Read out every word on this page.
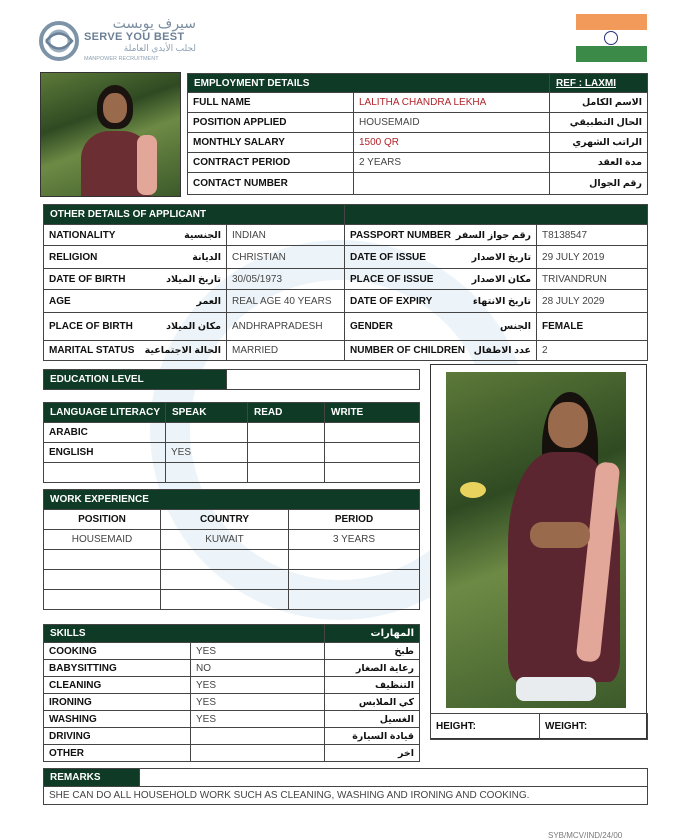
سيرف يوبست
SERVE YOU BEST
لجلب الأيدي العاملة
MANPOWER RECRUITMENT
EMPLOYMENT DETAILS		REF : LAXMI
FULL NAME	LALITHA CHANDRA LEKHA	الاسم الكامل
POSITION APPLIED	HOUSEMAID	الحال التطبيقي
MONTHLY SALARY	1500 QR	الراتب الشهري
CONTRACT PERIOD	2 YEARS	مدة العقد
CONTACT NUMBER		رقم الجوال
OTHER DETAILS OF APPLICANT			

NATIONALITY الجنسية	INDIAN	PASSPORT NUMBER رقم جواز السفر	T8138547

RELIGION الديانة	CHRISTIAN	DATE OF ISSUE تاريخ الاصدار	29 JULY 2019

DATE OF BIRTH تاريخ الميلاد	30/05/1973	PLACE OF ISSUE مكان الاصدار	TRIVANDRUN

AGE العمر	REAL AGE 40 YEARS	DATE OF EXPIRY تاريخ الانتهاء	28 JULY 2029

PLACE OF BIRTH مكان الميلاد	ANDHRAPRADESH	GENDER الجنس	FEMALE

MARITAL STATUS الحالة الاجتماعية	MARRIED	NUMBER OF CHILDREN عدد الاطفال	2
EDUCATION LEVEL	
LANGUAGE LITERACY	SPEAK	READ	WRITE
ARABIC			
ENGLISH	YES		

WORK EXPERIENCE		
POSITION	COUNTRY	PERIOD
HOUSEMAID	KUWAIT	3 YEARS

HEIGHT:	WEIGHT:
SKILLS		المهارات
COOKING	YES	طبخ
BABYSITTING	NO	رعاية الصغار
CLEANING	YES	التنظيف
IRONING	YES	كي الملابس
WASHING	YES	الغسيل
DRIVING		قيادة السيارة
OTHER		اخر
REMARKS	
SHE CAN DO ALL HOUSEHOLD WORK SUCH AS CLEANING, WASHING AND IRONING AND COOKING.
SYB/MCV/IND/24/00
